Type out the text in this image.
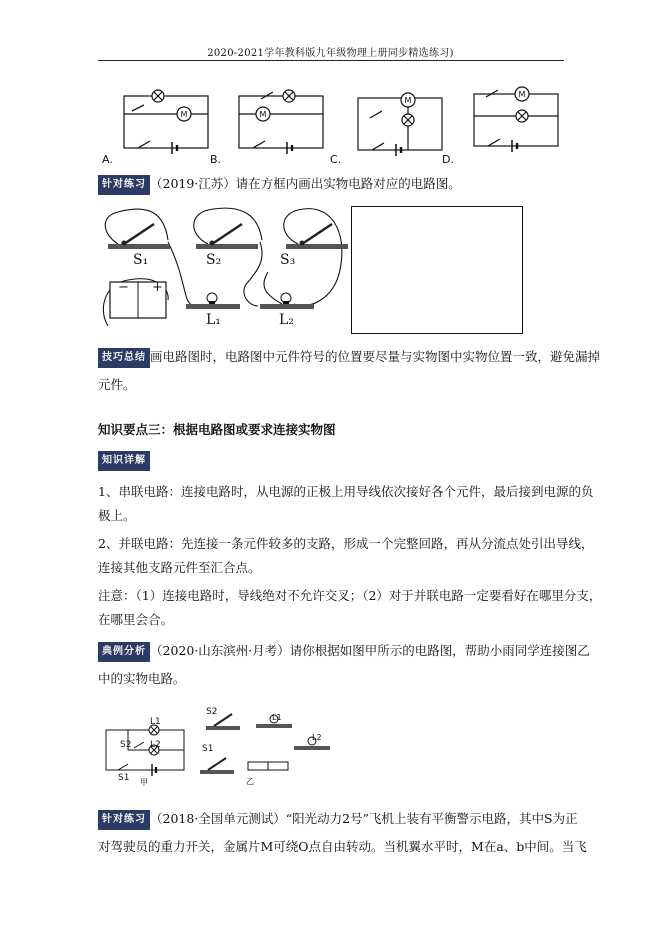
2020-2021学年教科版九年级物理上册同步精选练习)
M	M
M
M
A.	B.	C.	D.
针对练习 （2019·江苏）请在方框内画出实物电路对应的电路图。
S₁	S₂	S₃
− +
L₁	L₂
技巧总结 画电路图时，电路图中元件符号的位置要尽量与实物图中实物位置一致，避免漏掉
元件。
知识要点三：根据电路图或要求连接实物图
知识详解
1、串联电路：连接电路时，从电源的正极上用导线依次接好各个元件，最后接到电源的负
极上。
2、并联电路：先连接一条元件较多的支路，形成一个完整回路，再从分流点处引出导线，
连接其他支路元件至汇合点。
注意：（1）连接电路时，导线绝对不允许交叉；（2）对于并联电路一定要看好在哪里分支，
在哪里会合。
典例分析 （2020·山东滨州·月考）请你根据如图甲所示的电路图，帮助小雨同学连接图乙
中的实物电路。
L1
S2 L2
S1 甲
S2
L1
L2
S1
乙
针对练习 （2018·全国单元测试）“阳光动力2号”飞机上装有平衡警示电路，其中S为正
对驾驶员的重力开关，金属片M可绕O点自由转动。当机翼水平时，M在a、b中间。当飞
